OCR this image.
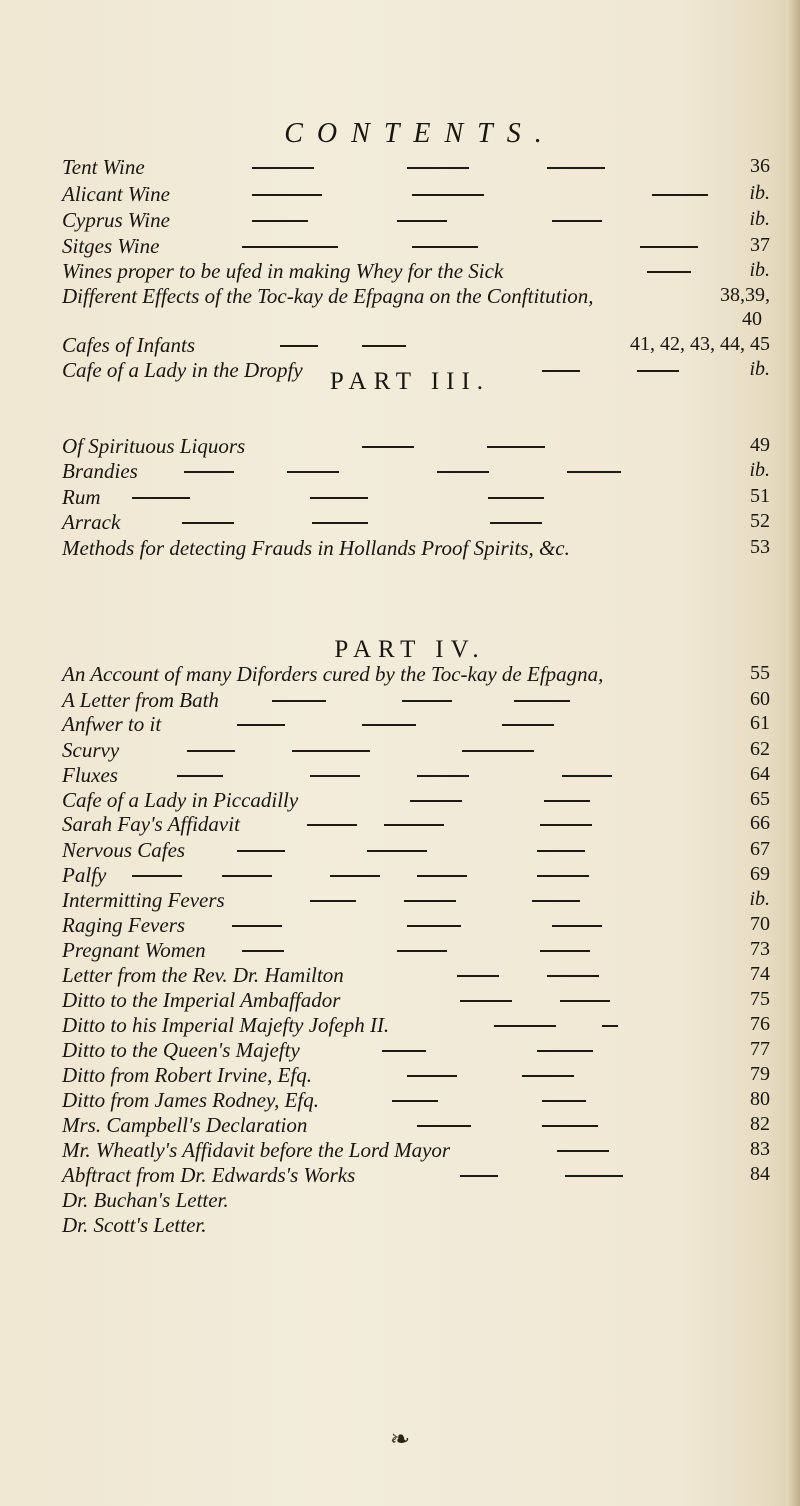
CONTENTS.
PART III.
PART IV.
Tent Wine	36
Alicant Wine	ib.
Cyprus Wine	ib.
Sitges Wine	37
Wines proper to be ufed in making Whey for the Sick	ib.
Different Effects of the Toc-kay de Efpagna on the Conftitution,	38,39,
40
Cafes of Infants	41, 42, 43, 44, 45
Cafe of a Lady in the Dropfy	ib.
Of Spirituous Liquors	49
Brandies	ib.
Rum	51
Arrack	52
Methods for detecting Frauds in Hollands Proof Spirits, &c.	53
An Account of many Diforders cured by the Toc-kay de Efpagna,	55
A Letter from Bath	60
Anfwer to it	61
Scurvy	62
Fluxes	64
Cafe of a Lady in Piccadilly	65
Sarah Fay's Affidavit	66
Nervous Cafes	67
Palfy	69
Intermitting Fevers	ib.
Raging Fevers	70
Pregnant Women	73
Letter from the Rev. Dr. Hamilton	74
Ditto to the Imperial Ambaffador	75
Ditto to his Imperial Majefty Jofeph II.	76
Ditto to the Queen's Majefty	77
Ditto from Robert Irvine, Efq.	79
Ditto from James Rodney, Efq.	80
Mrs. Campbell's Declaration	82
Mr. Wheatly's Affidavit before the Lord Mayor	83
Abftract from Dr. Edwards's Works	84
Dr. Buchan's Letter.
Dr. Scott's Letter.
❧
